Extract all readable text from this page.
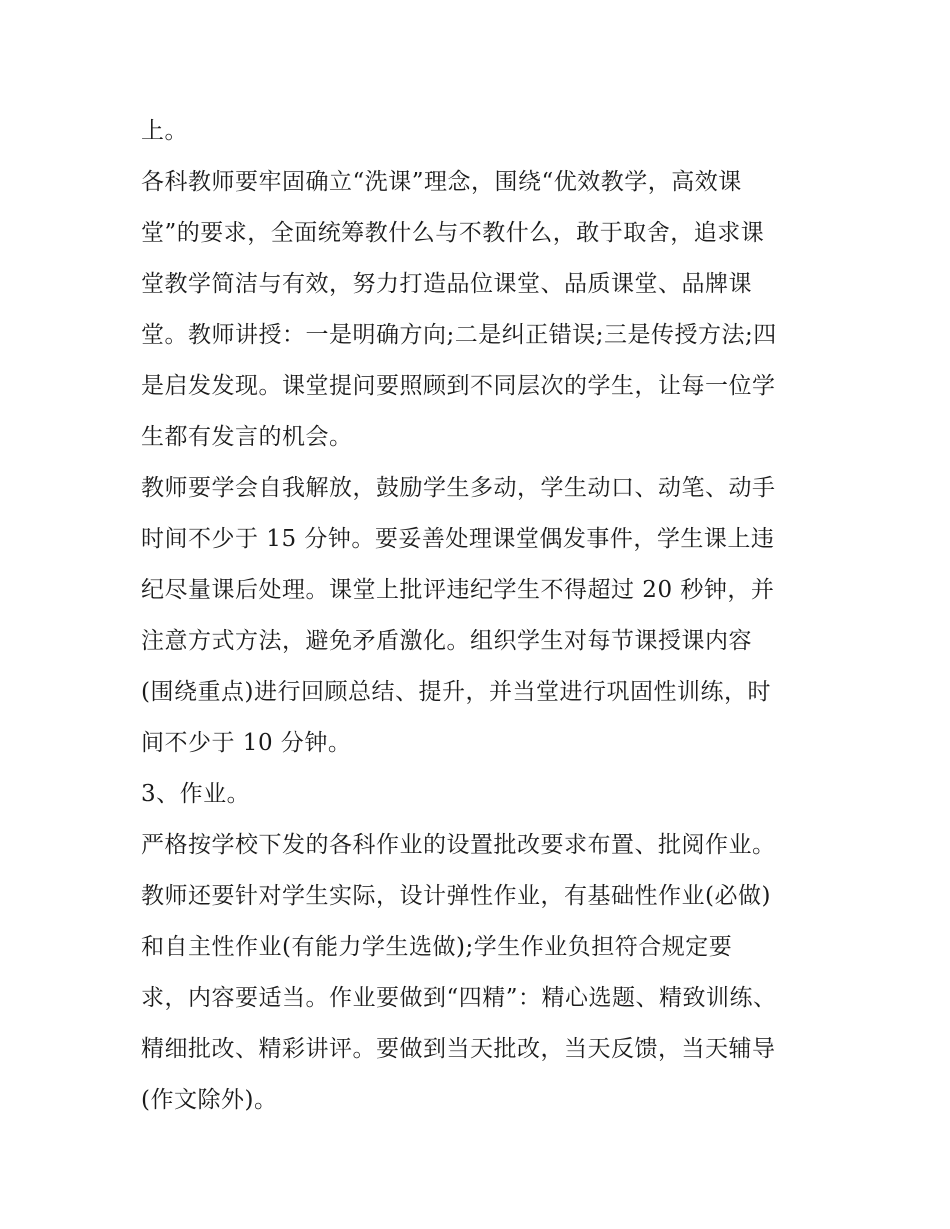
上。
各科教师要牢固确立“洗课”理念，围绕“优效教学，高效课
堂”的要求，全面统筹教什么与不教什么，敢于取舍，追求课
堂教学简洁与有效，努力打造品位课堂、品质课堂、品牌课
堂。教师讲授：一是明确方向;二是纠正错误;三是传授方法;四
是启发发现。课堂提问要照顾到不同层次的学生，让每一位学
生都有发言的机会。
教师要学会自我解放，鼓励学生多动，学生动口、动笔、动手
时间不少于 15 分钟。要妥善处理课堂偶发事件，学生课上违
纪尽量课后处理。课堂上批评违纪学生不得超过 20 秒钟，并
注意方式方法，避免矛盾激化。组织学生对每节课授课内容
(围绕重点)进行回顾总结、提升，并当堂进行巩固性训练，时
间不少于 10 分钟。
3、作业。
严格按学校下发的各科作业的设置批改要求布置、批阅作业。
教师还要针对学生实际，设计弹性作业，有基础性作业(必做)
和自主性作业(有能力学生选做);学生作业负担符合规定要
求，内容要适当。作业要做到“四精”：精心选题、精致训练、
精细批改、精彩讲评。要做到当天批改，当天反馈，当天辅导
(作文除外)。
